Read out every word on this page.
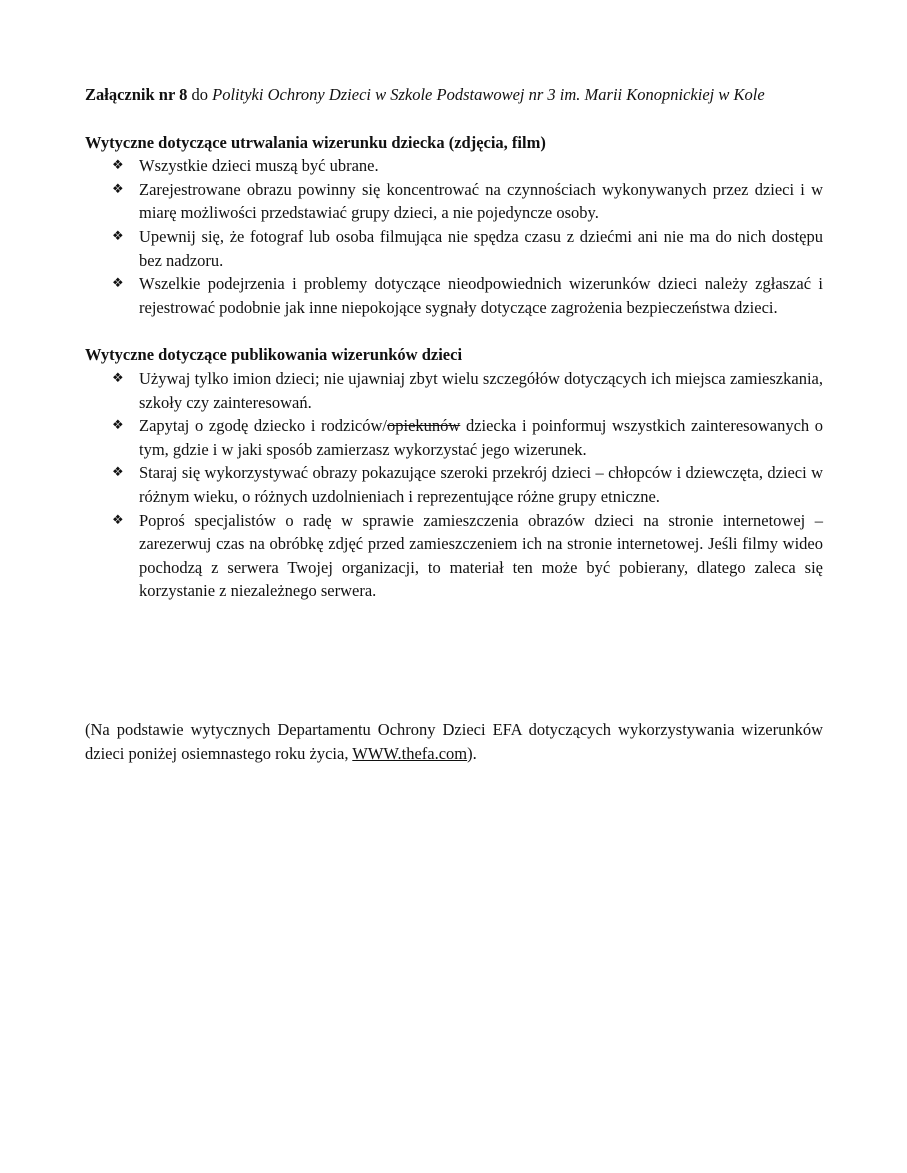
Załącznik nr 8 do Polityki Ochrony Dzieci w Szkole Podstawowej nr 3 im. Marii Konopnickiej w Kole

Wytyczne dotyczące utrwalania wizerunku dziecka (zdjęcia, film)

❖ Wszystkie dzieci muszą być ubrane.
❖ Zarejestrowane obrazu powinny się koncentrować na czynnościach wykonywanych przez dzieci i w miarę możliwości przedstawiać grupy dzieci, a nie pojedyncze osoby.
❖ Upewnij się, że fotograf lub osoba filmująca nie spędza czasu z dziećmi ani nie ma do nich dostępu bez nadzoru.
❖ Wszelkie podejrzenia i problemy dotyczące nieodpowiednich wizerunków dzieci należy zgłaszać i rejestrować podobnie jak inne niepokojące sygnały dotyczące zagrożenia bezpieczeństwa dzieci.

Wytyczne dotyczące publikowania wizerunków dzieci

❖ Używaj tylko imion dzieci; nie ujawniaj zbyt wielu szczegółów dotyczących ich miejsca zamieszkania, szkoły czy zainteresowań.
❖ Zapytaj o zgodę dziecko i rodziców/opiekunów dziecka i poinformuj wszystkich zainteresowanych o tym, gdzie i w jaki sposób zamierzasz wykorzystać jego wizerunek.
❖ Staraj się wykorzystywać obrazy pokazujące szeroki przekrój dzieci – chłopców i dziewczęta, dzieci w różnym wieku, o różnych uzdolnieniach i reprezentujące różne grupy etniczne.
❖ Poproś specjalistów o radę w sprawie zamieszczenia obrazów dzieci na stronie internetowej – zarezerwuj czas na obróbkę zdjęć przed zamieszczeniem ich na stronie internetowej. Jeśli filmy wideo pochodzą z serwera Twojej organizacji, to materiał ten może być pobierany, dlatego zaleca się korzystanie z niezależnego serwera.

(Na podstawie wytycznych Departamentu Ochrony Dzieci EFA dotyczących wykorzystywania wizerunków dzieci poniżej osiemnastego roku życia, WWW.thefa.com).
